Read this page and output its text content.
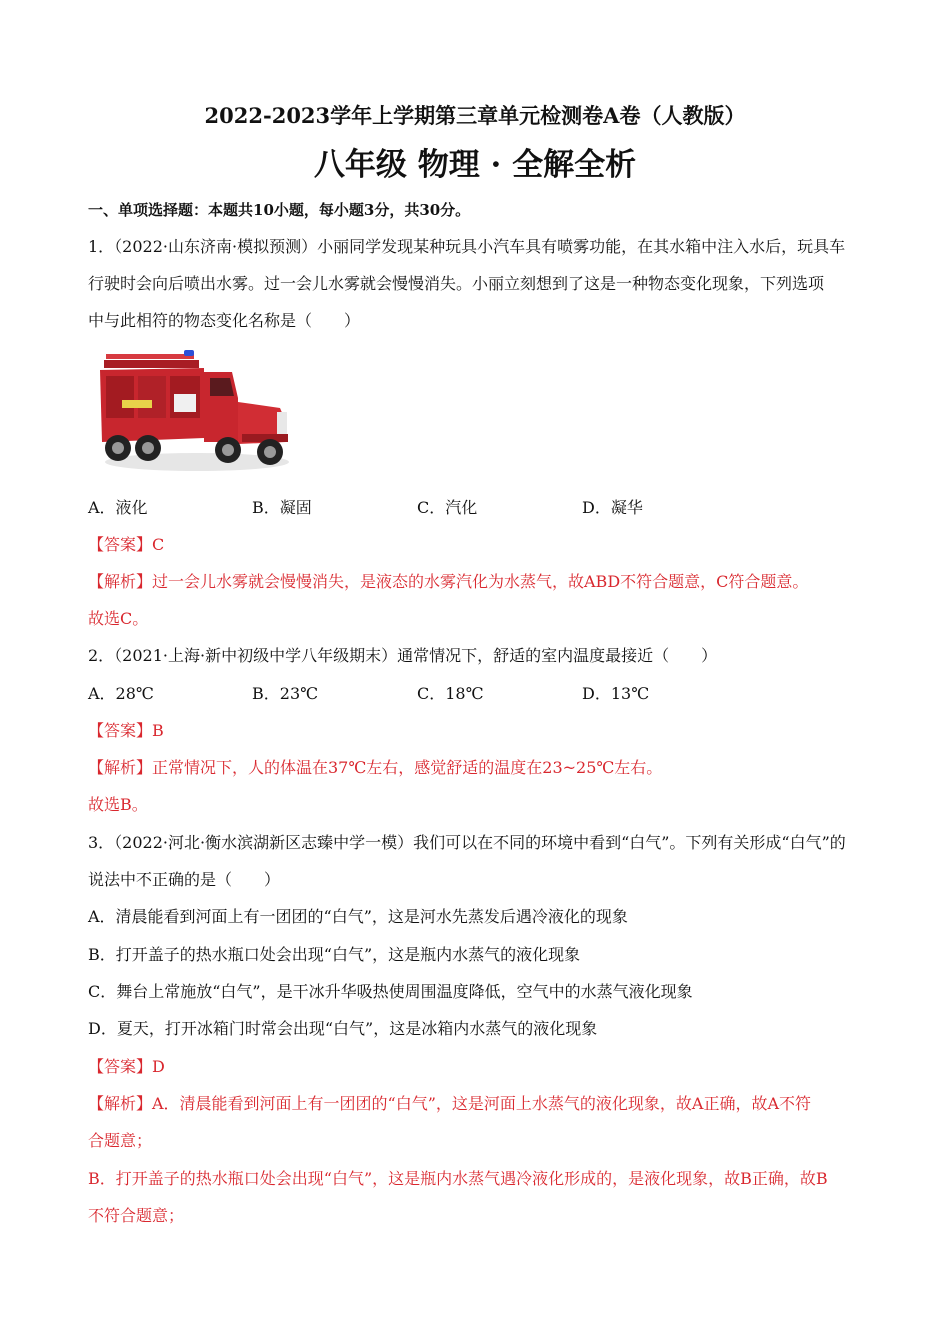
2022-2023学年上学期第三章单元检测卷A卷（人教版）
八年级 物理 · 全解全析
一、单项选择题：本题共10小题，每小题3分，共30分。
1．（2022·山东济南·模拟预测）小丽同学发现某种玩具小汽车具有喷雾功能，在其水箱中注入水后，玩具车
行驶时会向后喷出水雾。过一会儿水雾就会慢慢消失。小丽立刻想到了这是一种物态变化现象，下列选项
中与此相符的物态变化名称是（　　）
A．液化	B．凝固	C．汽化	D．凝华
【答案】C
【解析】过一会儿水雾就会慢慢消失，是液态的水雾汽化为水蒸气，故ABD不符合题意，C符合题意。
故选C。
2．（2021·上海·新中初级中学八年级期末）通常情况下，舒适的室内温度最接近（　　）
A．28℃	B．23℃	C．18℃	D．13℃
【答案】B
【解析】正常情况下，人的体温在37℃左右，感觉舒适的温度在23~25℃左右。
故选B。
3．（2022·河北·衡水滨湖新区志臻中学一模）我们可以在不同的环境中看到“白气”。下列有关形成“白气”的
说法中不正确的是（　　）
A．清晨能看到河面上有一团团的“白气”，这是河水先蒸发后遇冷液化的现象
B．打开盖子的热水瓶口处会出现“白气”，这是瓶内水蒸气的液化现象
C．舞台上常施放“白气”，是干冰升华吸热使周围温度降低，空气中的水蒸气液化现象
D．夏天，打开冰箱门时常会出现“白气”，这是冰箱内水蒸气的液化现象
【答案】D
【解析】A．清晨能看到河面上有一团团的“白气”，这是河面上水蒸气的液化现象，故A正确，故A不符
合题意；
B．打开盖子的热水瓶口处会出现“白气”，这是瓶内水蒸气遇冷液化形成的，是液化现象，故B正确，故B
不符合题意；
